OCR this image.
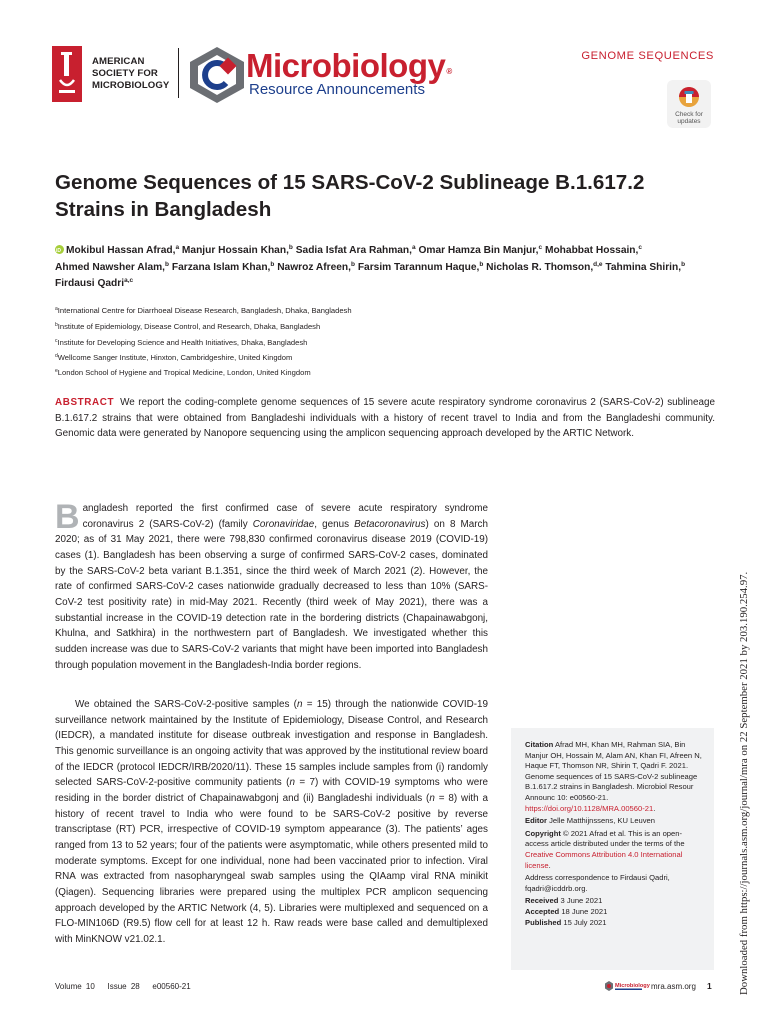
AMERICAN
SOCIETY FOR
MICROBIOLOGY
Microbiology®
Resource Announcements
GENOME SEQUENCES
Check for updates
Genome Sequences of 15 SARS-CoV-2 Sublineage B.1.617.2 Strains in Bangladesh
iDMokibul Hassan Afrad,$^a$ Manjur Hossain Khan,$^b$ Sadia Isfat Ara Rahman,$^a$ Omar Hamza Bin Manjur,$^c$ Mohabbat Hossain,$^c$
Ahmed Nawsher Alam,$^b$ Farzana Islam Khan,$^b$ Nawroz Afreen,$^b$ Farsim Tarannum Haque,$^b$ Nicholas R. Thomson,$^{d,e}$ Tahmina Shirin,$^b$
Firdausi Qadri$^{a,c}$
$^a$International Centre for Diarrhoeal Disease Research, Bangladesh, Dhaka, Bangladesh
$^b$Institute of Epidemiology, Disease Control, and Research, Dhaka, Bangladesh
$^c$Institute for Developing Science and Health Initiatives, Dhaka, Bangladesh
$^d$Wellcome Sanger Institute, Hinxton, Cambridgeshire, United Kingdom
$^e$London School of Hygiene and Tropical Medicine, London, United Kingdom
ABSTRACT We report the coding-complete genome sequences of 15 severe acute respiratory syndrome coronavirus 2 (SARS-CoV-2) sublineage B.1.617.2 strains that were obtained from Bangladeshi individuals with a history of recent travel to India and from the Bangladeshi community. Genomic data were generated by Nanopore sequencing using the amplicon sequencing approach developed by the ARTIC Network.

Bangladesh reported the first confirmed case of severe acute respiratory syndrome coronavirus 2 (SARS-CoV-2) (family Coronaviridae, genus Betacoronavirus) on 8 March 2020; as of 31 May 2021, there were 798,830 confirmed coronavirus disease 2019 (COVID-19) cases (1). Bangladesh has been observing a surge of confirmed SARS-CoV-2 cases, dominated by the SARS-CoV-2 beta variant B.1.351, since the third week of March 2021 (2). However, the rate of confirmed SARS-CoV-2 cases nationwide gradually decreased to less than 10% (SARS-CoV-2 test positivity rate) in mid-May 2021. Recently (third week of May 2021), there was a substantial increase in the COVID-19 detection rate in the bordering districts (Chapainawabgonj, Khulna, and Satkhira) in the northwestern part of Bangladesh. We investigated whether this sudden increase was due to SARS-CoV-2 variants that might have been imported into Bangladesh through population movement in the Bangladesh-India border regions.

We obtained the SARS-CoV-2-positive samples (n = 15) through the nationwide COVID-19 surveillance network maintained by the Institute of Epidemiology, Disease Control, and Research (IEDCR), a mandated institute for disease outbreak investigation and response in Bangladesh. This genomic surveillance is an ongoing activity that was approved by the institutional review board of the IEDCR (protocol IEDCR/IRB/2020/11). These 15 samples include samples from (i) randomly selected SARS-CoV-2-positive community patients (n = 7) with COVID-19 symptoms who were residing in the border district of Chapainawabgonj and (ii) Bangladeshi individuals (n = 8) with a history of recent travel to India who were found to be SARS-CoV-2 positive by reverse transcriptase (RT) PCR, irrespective of COVID-19 symptom appearance (3). The patients’ ages ranged from 13 to 52 years; four of the patients were asymptomatic, while others presented mild to moderate symptoms. Except for one individual, none had been vaccinated prior to infection. Viral RNA was extracted from nasopharyngeal swab samples using the QIAamp viral RNA minikit (Qiagen). Sequencing libraries were prepared using the multiplex PCR amplicon sequencing approach developed by the ARTIC Network (4, 5). Libraries were multiplexed and sequenced on a FLO-MIN106D (R9.5) flow cell for at least 12 h. Raw reads were base called and demultiplexed with MinKNOW v21.02.1.

Citation Afrad MH, Khan MH, Rahman SIA, Bin Manjur OH, Hossain M, Alam AN, Khan FI, Afreen N, Haque FT, Thomson NR, Shirin T, Qadri F. 2021. Genome sequences of 15 SARS-CoV-2 sublineage B.1.617.2 strains in Bangladesh. Microbiol Resour Announc 10: e00560-21. https://doi.org/10.1128/MRA.00560-21.
Editor Jelle Matthijnssens, KU Leuven
Copyright © 2021 Afrad et al. This is an open-access article distributed under the terms of the Creative Commons Attribution 4.0 International license.
Address correspondence to Firdausi Qadri, fqadri@icddrb.org.
Received 3 June 2021
Accepted 18 June 2021
Published 15 July 2021	Downloaded from https://journals.asm.org/journal/mra on 22 September 2021 by 203.190.254.97.
Volume 10 Issue 28 e00560-21	Microbiology mra.asm.org 1
